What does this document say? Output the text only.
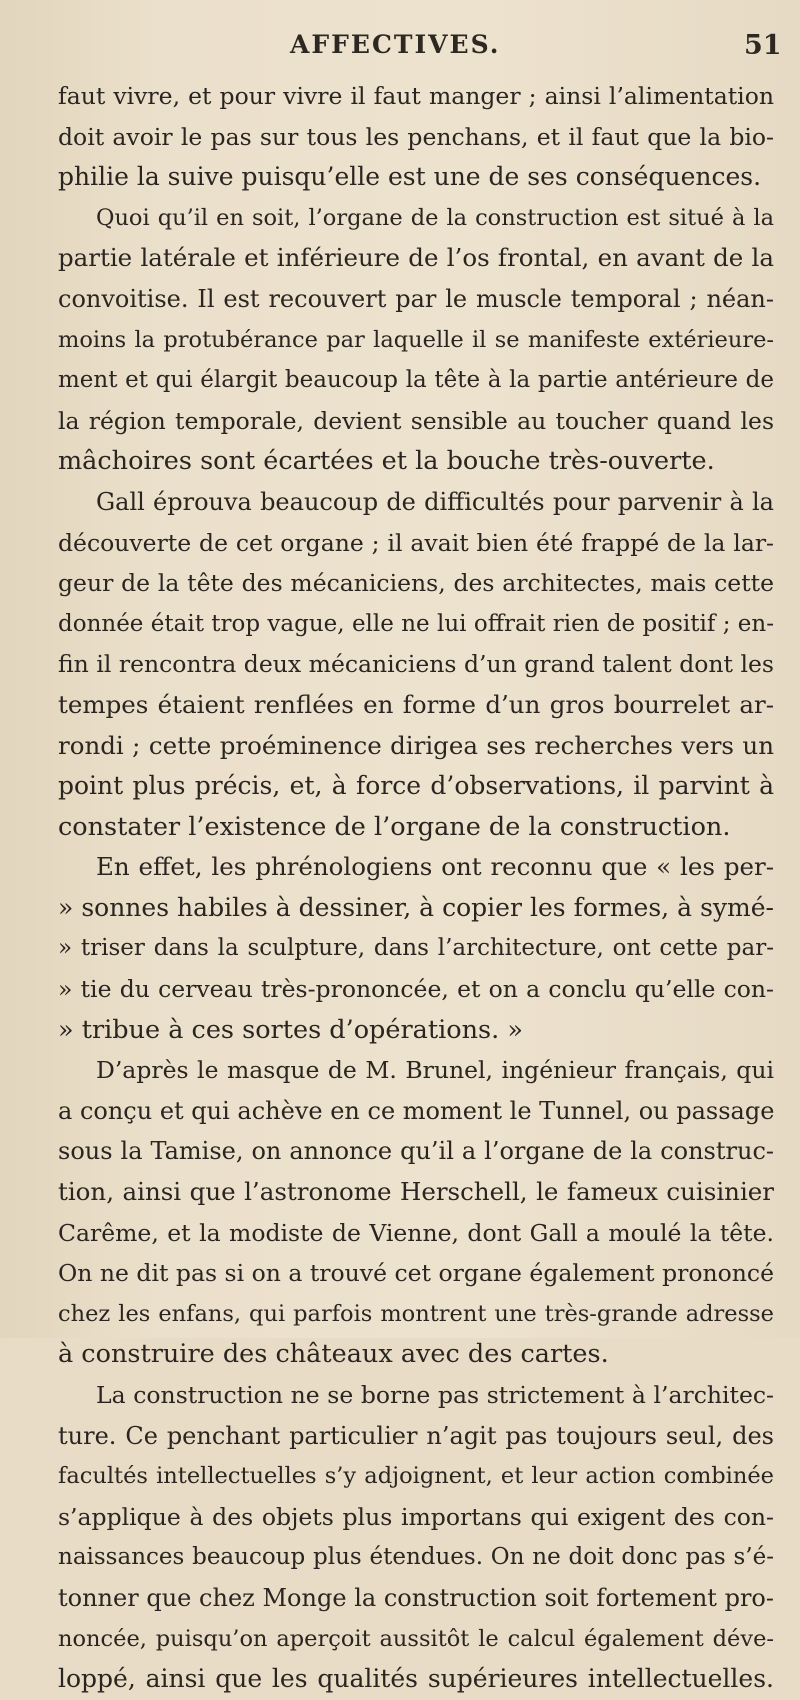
AFFECTIVES.	51
faut vivre, et pour vivre il faut manger ; ainsi l’alimentation
doit avoir le pas sur tous les penchans, et il faut que la bio-
philie la suive puisqu’elle est une de ses conséquences.
Quoi qu’il en soit, l’organe de la construction est situé à la
partie latérale et inférieure de l’os frontal, en avant de la
convoitise. Il est recouvert par le muscle temporal ; néan-
moins la protubérance par laquelle il se manifeste extérieure-
ment et qui élargit beaucoup la tête à la partie antérieure de
la région temporale, devient sensible au toucher quand les
mâchoires sont écartées et la bouche très-ouverte.
Gall éprouva beaucoup de difficultés pour parvenir à la
découverte de cet organe ; il avait bien été frappé de la lar-
geur de la tête des mécaniciens, des architectes, mais cette
donnée était trop vague, elle ne lui offrait rien de positif ; en-
fin il rencontra deux mécaniciens d’un grand talent dont les
tempes étaient renflées en forme d’un gros bourrelet ar-
rondi ; cette proéminence dirigea ses recherches vers un
point plus précis, et, à force d’observations, il parvint à
constater l’existence de l’organe de la construction.
En effet, les phrénologiens ont reconnu que « les per-
» sonnes habiles à dessiner, à copier les formes, à symé-
» triser dans la sculpture, dans l’architecture, ont cette par-
» tie du cerveau très-prononcée, et on a conclu qu’elle con-
» tribue à ces sortes d’opérations. »
D’après le masque de M. Brunel, ingénieur français, qui
a conçu et qui achève en ce moment le Tunnel, ou passage
sous la Tamise, on annonce qu’il a l’organe de la construc-
tion, ainsi que l’astronome Herschell, le fameux cuisinier
Carême, et la modiste de Vienne, dont Gall a moulé la tête.
On ne dit pas si on a trouvé cet organe également prononcé
chez les enfans, qui parfois montrent une très-grande adresse
à construire des châteaux avec des cartes.
La construction ne se borne pas strictement à l’architec-
ture. Ce penchant particulier n’agit pas toujours seul, des
facultés intellectuelles s’y adjoignent, et leur action combinée
s’applique à des objets plus importans qui exigent des con-
naissances beaucoup plus étendues. On ne doit donc pas s’é-
tonner que chez Monge la construction soit fortement pro-
noncée, puisqu’on aperçoit aussitôt le calcul également déve-
loppé, ainsi que les qualités supérieures intellectuelles.
